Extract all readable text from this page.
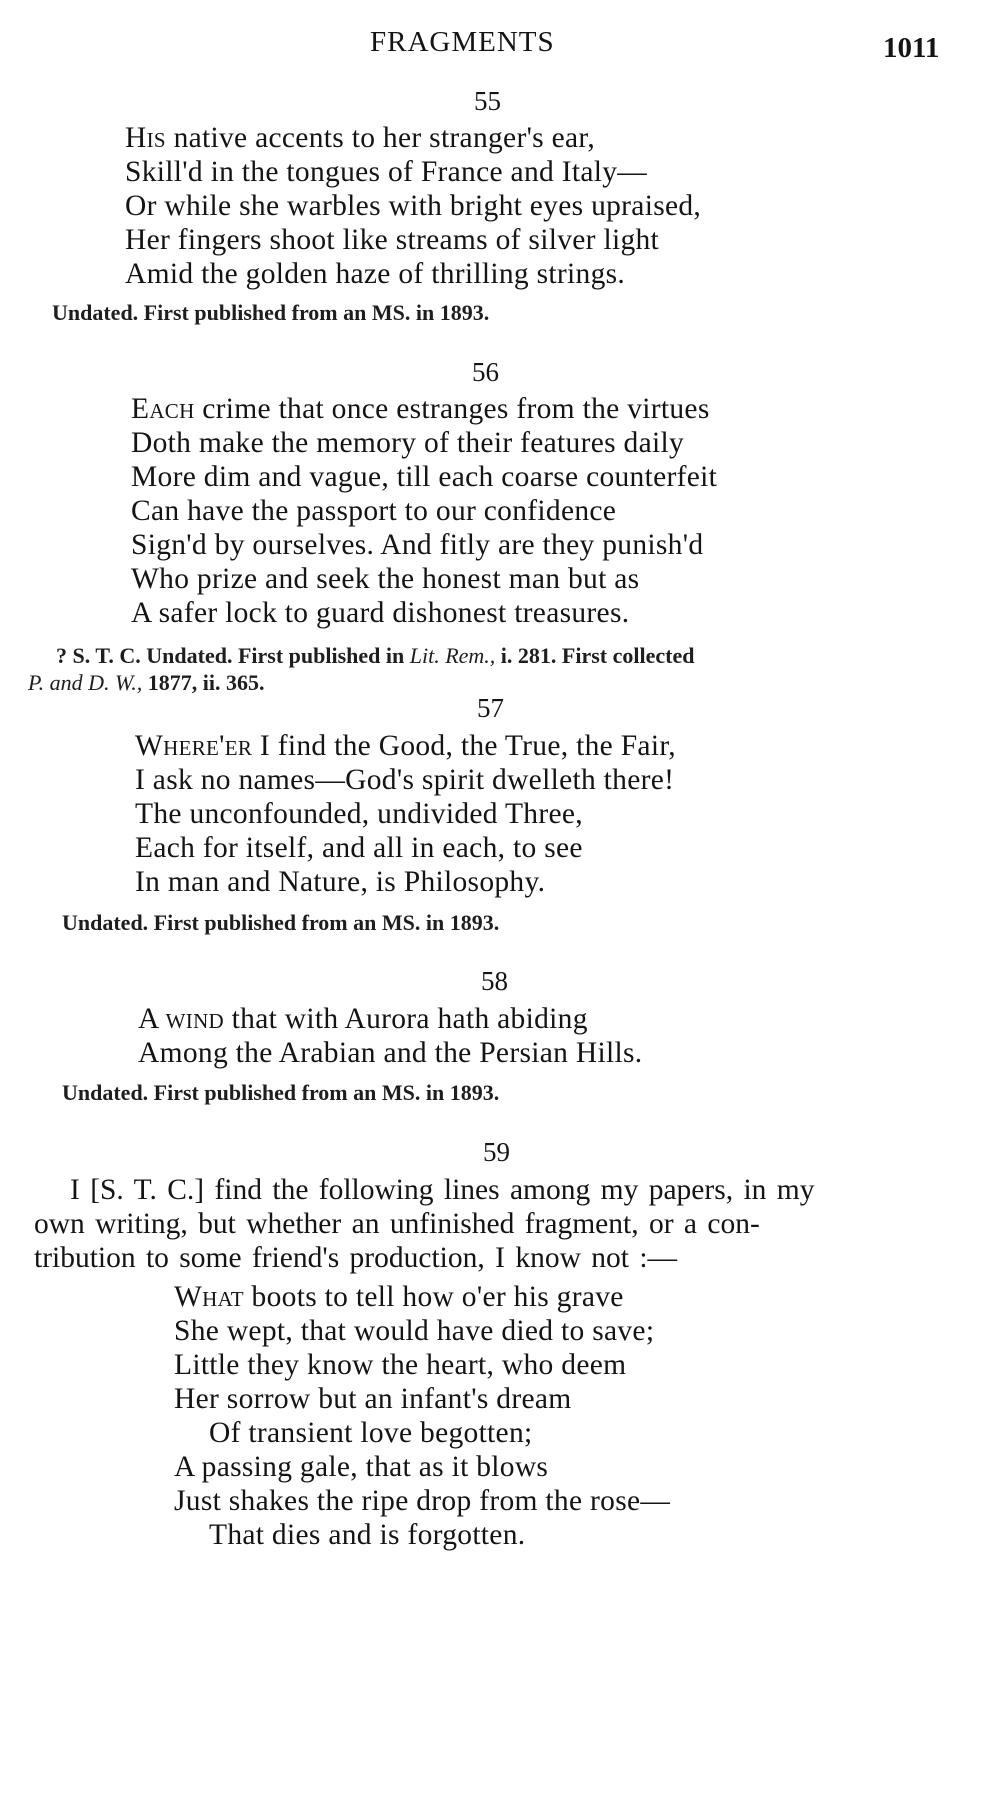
FRAGMENTS	1011
55
His native accents to her stranger's ear,
Skill'd in the tongues of France and Italy—
Or while she warbles with bright eyes upraised,
Her fingers shoot like streams of silver light
Amid the golden haze of thrilling strings.
Undated. First published from an MS. in 1893.
56
Each crime that once estranges from the virtues
Doth make the memory of their features daily
More dim and vague, till each coarse counterfeit
Can have the passport to our confidence
Sign'd by ourselves. And fitly are they punish'd
Who prize and seek the honest man but as
A safer lock to guard dishonest treasures.
? S. T. C. Undated. First published in Lit. Rem., i. 281. First collected
P. and D. W., 1877, ii. 365.
57
Where'er I find the Good, the True, the Fair,
I ask no names—God's spirit dwelleth there!
The unconfounded, undivided Three,
Each for itself, and all in each, to see
In man and Nature, is Philosophy.
Undated. First published from an MS. in 1893.
58
A wind that with Aurora hath abiding
Among the Arabian and the Persian Hills.
Undated. First published from an MS. in 1893.
59
I [S. T. C.] find the following lines among my papers, in my
own writing, but whether an unfinished fragment, or a con-
tribution to some friend's production, I know not :—
What boots to tell how o'er his grave
She wept, that would have died to save;
Little they know the heart, who deem
Her sorrow but an infant's dream
Of transient love begotten;
A passing gale, that as it blows
Just shakes the ripe drop from the rose—
That dies and is forgotten.
